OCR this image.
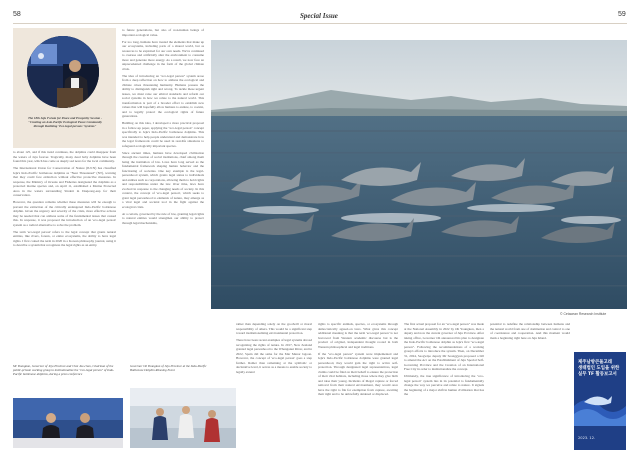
58	Special Issue	59
The 18th Jeju Forum for Peace and Prosperity Session - "Creating an Asia-Pacific Ecological Peace Community through Realizing 'Eco-legal persons' Systems"

to about 125, and if this trend continues, the dolphins could disappear from the waters of Jeju forever. Tragically, many dead baby dolphins have been found this year, which has come as deeply sad news for the local community.

The International Union for Conservation of Nature (IUCN) has classified Jeju's Indo-Pacific bottlenose dolphins as "Near Threatened" (NT), warning that they could face extinction without effective protective measures. In response, the Ministry of Oceans and Fisheries designated the dolphins as a protected marine species and, on April 11, established a Marine Protected Area in the waters surrounding Sinderi in Daejeong-eup for their conservation.

However, the question remains whether these measures will be enough to prevent the extinction of the critically endangered Indo-Pacific bottlenose dolphin. Given the urgency and severity of the crisis, more effective actions may be needed that can address some of the fundamental issues that caused this. In response, it was proposed the introduction of an 'eco-legal person' system as a radical alternative to solve the problem.

The term 'eco-legal person' refers to the legal concept that grants natural entities, like rivers, forests, or entire ecosystems, the ability to have legal rights. I first coined the term in 2020 in a Korean philosophy journal, using it to describe a system that recognizes the legal rights as an entity.

to future generations, but also of non-human beings of important ecological value.

For too long, humans have treated the elements that make up our ecosystems, including parts of a shared world, but as resources to be exploited for our own needs. We've continued to overuse and artificially alter the environment to consume more and generate more energy. As a result, we now face an unprecedented challenge in the form of the global climate crisis.

The idea of introducing an "eco-legal person" system arose from a deep reflection on how to address the ecological and climate crises threatening humanity. Humans possess the ability to distinguish right and wrong. To tackle these urgent issues, we must raise our ethical standards and reform our social systems in how we relate to the natural world. This transformation is part of a broader effort to establish new values that will hopefully allow humans to endure, to coexist, and to legally protect the ecological rights of future generations.

Building on this idea, I developed a more practical proposal in a follow-up paper, applying the "eco-legal person" concept specifically to Jeju's Indo-Pacific bottlenose dolphins. This was intended to help people understand and demonstrate how the legal framework could be used in real-life situations to safeguard ecologically important species.

Since ancient times, humans have developed civilization through the creation of social institutions, chief among them being the institution of law. Laws have long served as the fundamental framework shaping human behavior and the functioning of societies. One key example is the legal-personhood system, which grants legal status to individuals and entities such as corporations, allowing them to hold rights and responsibilities under the law. Over time, laws have evolved in response to the changing needs of society. In this context, the concept of 'eco-legal person', which seeks to grant legal personhood to elements of nature, may emerge as a vital legal and societal tool in the fight against the ecological crisis.

At a certain, governed by the rule of law, granting legal rights to natural entities would strengthen our ability to protect through legal mechanisms,

© Cetacean Research Institute
Mr Youngkon, Governor of Jeju Province and Choi Jae-chun, Chairman of the public-private working group to institutionalize the "eco-legal person" of Indo-Pacific bottlenose dolphins, during a press conference
Governor Oh Youngkon of Jeju Province at the Indo-Pacific Bottlenose Dolphin Rleasing Event

rather than depending solely on the goodwill or moral responsibility of others. This would be a significant step toward institutionalizing environmental protection.

There have been recent examples of legal systems abroad recognizing the rights of nature. In 2017, New Zealand granted legal personhood to the Whanganui River, and in 2022, Spain did the same for the Mar Menor lagoon. However, the concept of 'eco-legal person' goes a step further. Rather than remaining at the symbolic or declarative level, it serves as a means to enable society to legally extend

rights to specific animals, species, or ecosystems through democratically agreed-on laws. What gives this concept additional meaning is that the term 'eco-legal person' is not borrowed from Western academic discourse but is the product of original, independent thought rooted in both Western philosophical and legal traditions.

If the "eco-legal person" system were implemented and Jeju's Indo-Pacific bottlenose dolphins were granted legal personhood, they would gain the right to active self-protection. Through designated legal representatives, legal claims could be filed on their behalf to ensure the protection of their vital habitats, including those where they give birth and raise their young. Incidents of illegal capture or forced removal from their natural environment, they would once have the right to file for exemption from capture, awaiting their right and to be unlawfully detained or displaced.

The first actual proposal for an "eco-legal person" was made at the National Assembly in 2022 by Oh Youngkon, then a deputy and now the current governor of Jeju Province. After taking office, Governor Oh announced his plan to designate the Indo-Pacific bottlenose dolphin as Jeju's first "eco-legal person". Following the recommendations of a working group's efforts to introduce the system. Then, on December 31, 2024, Seogwipo deputy Mr Seonggyun proposed a bill to amend the Act on the Establishment of Jeju Special Self-Governing Province and the Creation of an International Free City in order to institutionalize the concept.

Ultimately, the true significance of introducing the "eco-legal person" system lies in its potential to fundamentally change the way we perceive and relate to nature. It signals the beginning of a major shift in human civilization that has the

potential to redefine the relationship between humans and the natural world from one of domination and control to one of coexistence and cooperation. And this moment would mark a beginning right here on Jeju Island.

제주남방큰돌고래
생태법인 도입을 위한
실무 TF 활동보고서
2023. 12.
